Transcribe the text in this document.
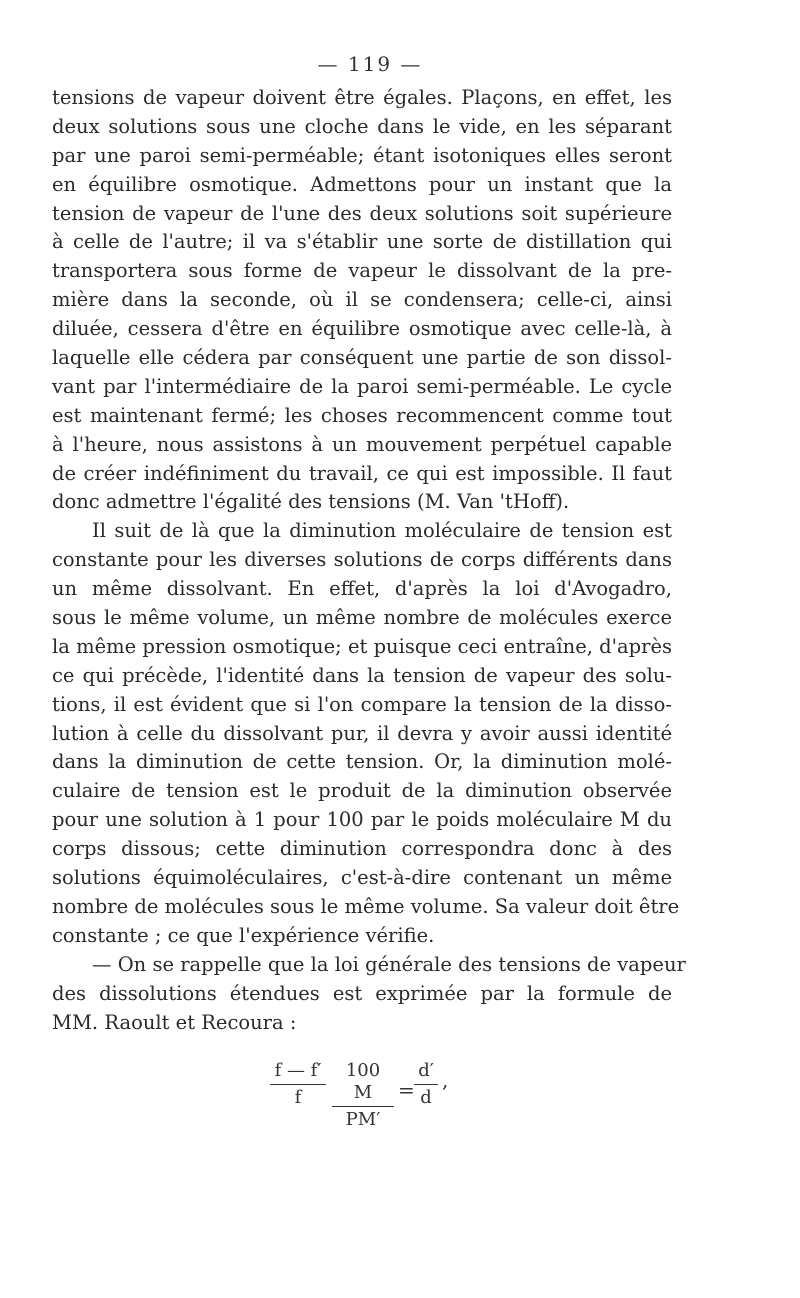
— 119 —
tensions de vapeur doivent être égales. Plaçons, en effet, les
deux solutions sous une cloche dans le vide, en les séparant
par une paroi semi-perméable; étant isotoniques elles seront
en équilibre osmotique. Admettons pour un instant que la
tension de vapeur de l'une des deux solutions soit supérieure
à celle de l'autre; il va s'établir une sorte de distillation qui
transportera sous forme de vapeur le dissolvant de la pre-
mière dans la seconde, où il se condensera; celle-ci, ainsi
diluée, cessera d'être en équilibre osmotique avec celle-là, à
laquelle elle cédera par conséquent une partie de son dissol-
vant par l'intermédiaire de la paroi semi-perméable. Le cycle
est maintenant fermé; les choses recommencent comme tout
à l'heure, nous assistons à un mouvement perpétuel capable
de créer indéfiniment du travail, ce qui est impossible. Il faut
donc admettre l'égalité des tensions (M. Van 'tHoff).
Il suit de là que la diminution moléculaire de tension est
constante pour les diverses solutions de corps différents dans
un même dissolvant. En effet, d'après la loi d'Avogadro,
sous le même volume, un même nombre de molécules exerce
la même pression osmotique; et puisque ceci entraîne, d'après
ce qui précède, l'identité dans la tension de vapeur des solu-
tions, il est évident que si l'on compare la tension de la disso-
lution à celle du dissolvant pur, il devra y avoir aussi identité
dans la diminution de cette tension. Or, la diminution molé-
culaire de tension est le produit de la diminution observée
pour une solution à 1 pour 100 par le poids moléculaire M du
corps dissous; cette diminution correspondra donc à des
solutions équimoléculaires, c'est-à-dire contenant un même
nombre de molécules sous le même volume. Sa valeur doit être
constante ; ce que l'expérience vérifie.
— On se rappelle que la loi générale des tensions de vapeur
des dissolutions étendues est exprimée par la formule de
MM. Raoult et Recoura :
$\frac{f — f'}{f} \frac{100 M}{PM'} = \frac{d'}{d}$ ,
